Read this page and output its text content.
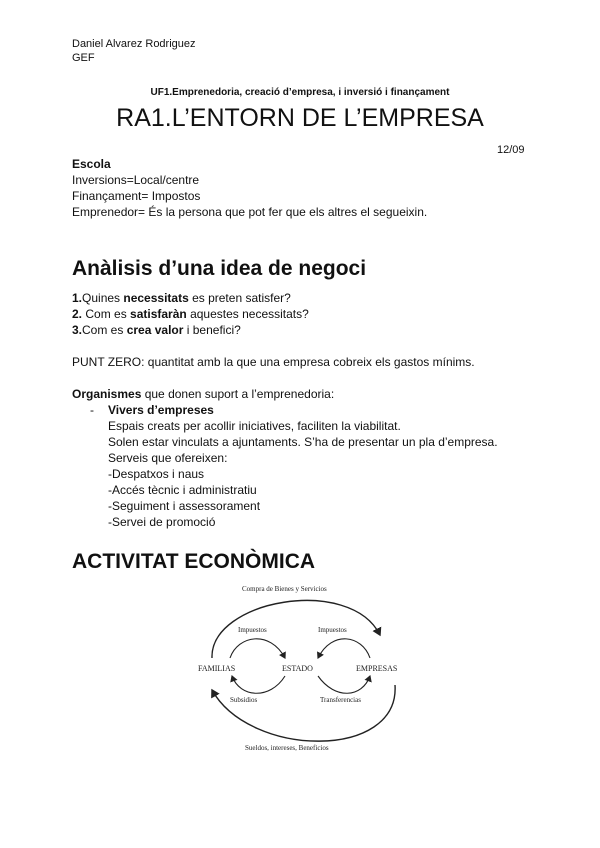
Daniel Alvarez Rodriguez
GEF
UF1.Emprenedoria, creació d’empresa, i inversió i finançament
RA1.L’ENTORN DE L’EMPRESA
12/09
Escola
Inversions=Local/centre
Finançament= Impostos
Emprenedor= És la persona que pot fer que els altres el segueixin.
Anàlisis d’una idea de negoci
1.Quines necessitats es preten satisfer?
2. Com es satisfaràn aquestes necessitats?
3.Com es crea valor i benefici?
PUNT ZERO: quantitat amb la que una empresa cobreix els gastos mínims.
Organismes que donen suport a l’emprenedoria:
- Vivers d’empreses
Espais creats per acollir iniciatives, faciliten la viabilitat.
Solen estar vinculats a ajuntaments. S’ha de presentar un pla d’empresa.
Serveis que ofereixen:
-Despatxos i naus
-Accés tècnic i administratiu
-Seguiment i assessorament
-Servei de promoció
ACTIVITAT ECONÒMICA
Compra de Bienes y Servicios
Impuestos	Impuestos
FAMILIAS	ESTADO	EMPRESAS
Subsidios	Transferencias
Sueldos, intereses, Beneficios
